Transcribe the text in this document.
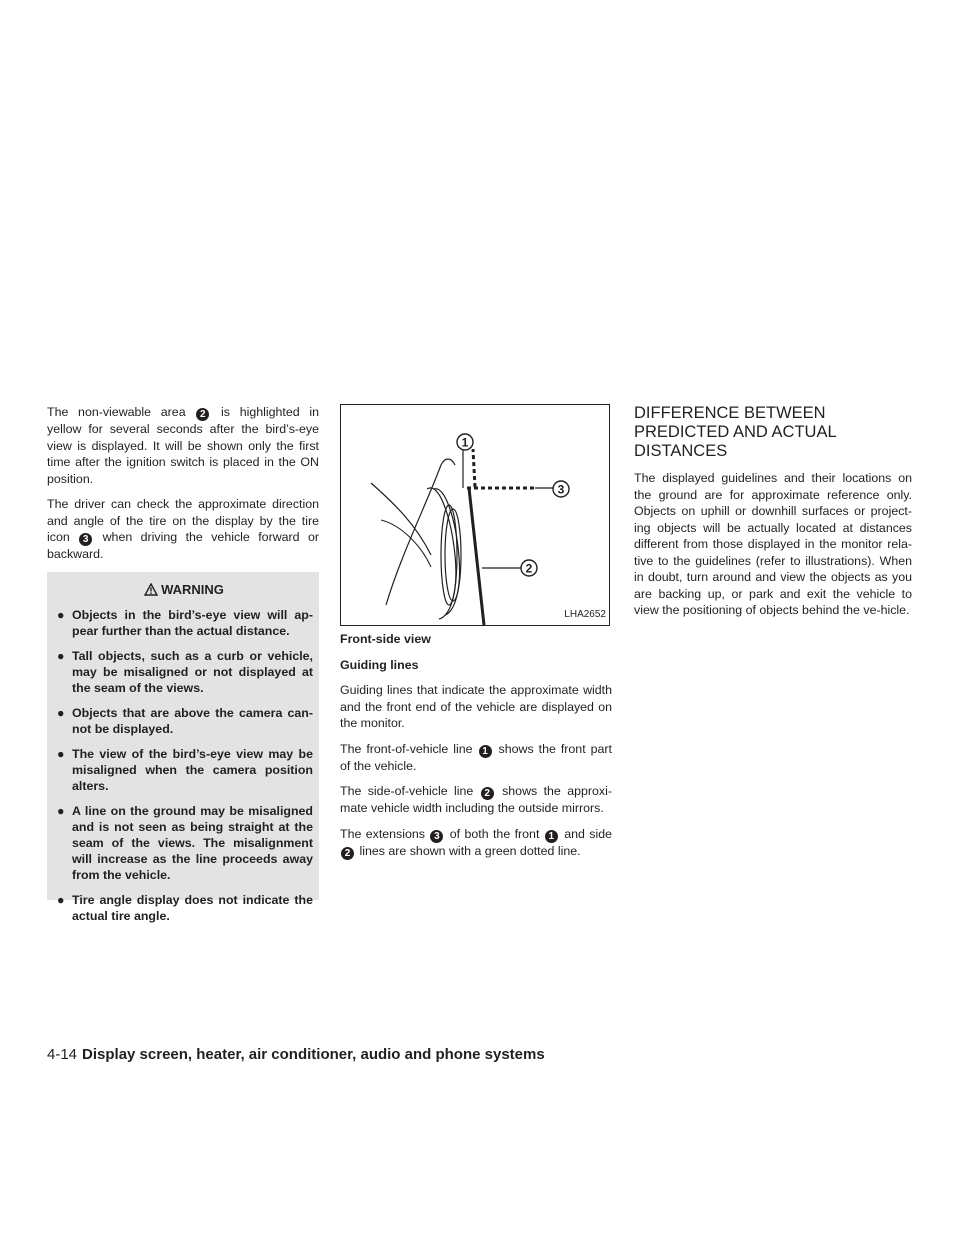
The non-viewable area 2 is highlighted in yellow for several seconds after the bird’s-eye view is displayed. It will be shown only the first time after the ignition switch is placed in the ON position.

The driver can check the approximate direction and angle of the tire on the display by the tire icon 3 when driving the vehicle forward or backward.

WARNING
● Objects in the bird’s-eye view will ap-pear further than the actual distance.
● Tall objects, such as a curb or vehicle, may be misaligned or not displayed at the seam of the views.
● Objects that are above the camera can-not be displayed.
● The view of the bird’s-eye view may be misaligned when the camera position alters.
● A line on the ground may be misaligned and is not seen as being straight at the seam of the views. The misalignment will increase as the line proceeds away from the vehicle.
● Tire angle display does not indicate the actual tire angle.
1
3
2
LHA2652

Front-side view

Guiding lines

Guiding lines that indicate the approximate width and the front end of the vehicle are displayed on the monitor.

The front-of-vehicle line 1 shows the front part of the vehicle.

The side-of-vehicle line 2 shows the approxi-mate vehicle width including the outside mirrors.

The extensions 3 of both the front 1 and side 2 lines are shown with a green dotted line.

DIFFERENCE BETWEEN
PREDICTED AND ACTUAL
DISTANCES

The displayed guidelines and their locations on the ground are for approximate reference only. Objects on uphill or downhill surfaces or project-ing objects will be actually located at distances different from those displayed in the monitor rela-tive to the guidelines (refer to illustrations). When in doubt, turn around and view the objects as you are backing up, or park and exit the vehicle to view the positioning of objects behind the ve-hicle.

4-14 Display screen, heater, air conditioner, audio and phone systems
